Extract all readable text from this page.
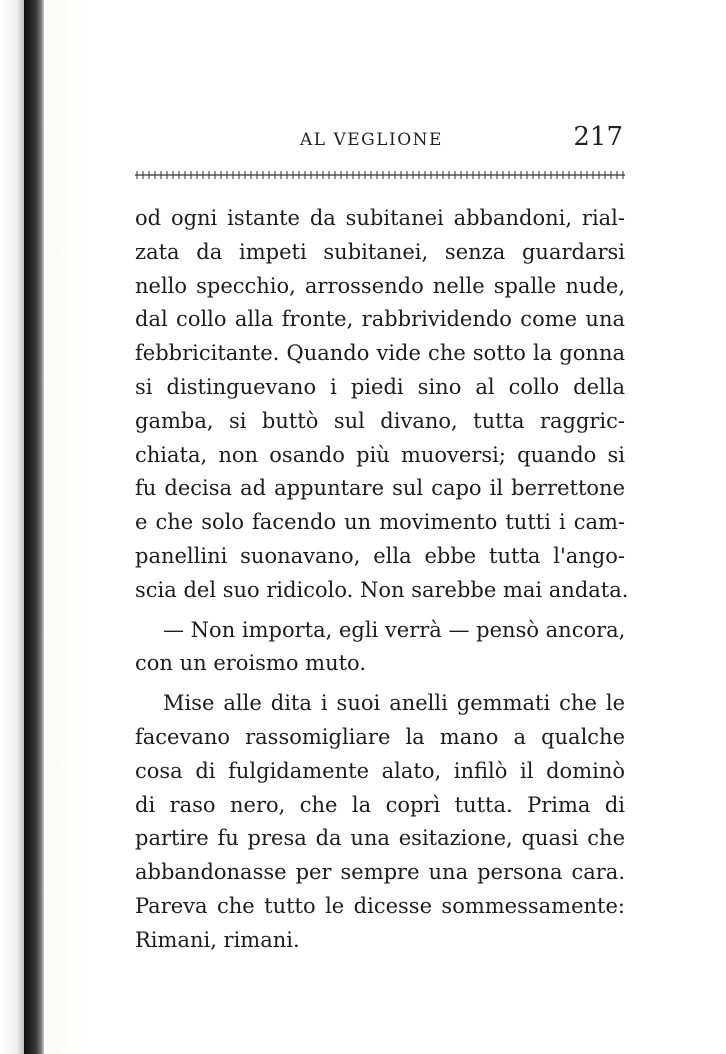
AL VEGLIONE	217
od ogni istante da subitanei abbandoni, rial-
zata da impeti subitanei, senza guardarsi
nello specchio, arrossendo nelle spalle nude,
dal collo alla fronte, rabbrividendo come una
febbricitante. Quando vide che sotto la gonna
si distinguevano i piedi sino al collo della
gamba, si buttò sul divano, tutta raggric-
chiata, non osando più muoversi; quando si
fu decisa ad appuntare sul capo il berrettone
e che solo facendo un movimento tutti i cam-
panellini suonavano, ella ebbe tutta l'ango-
scia del suo ridicolo. Non sarebbe mai andata.
— Non importa, egli verrà — pensò ancora,
con un eroismo muto.
Mise alle dita i suoi anelli gemmati che le
facevano rassomigliare la mano a qualche
cosa di fulgidamente alato, infilò il dominò
di raso nero, che la coprì tutta. Prima di
partire fu presa da una esitazione, quasi che
abbandonasse per sempre una persona cara.
Pareva che tutto le dicesse sommessamente:
Rimani, rimani.
